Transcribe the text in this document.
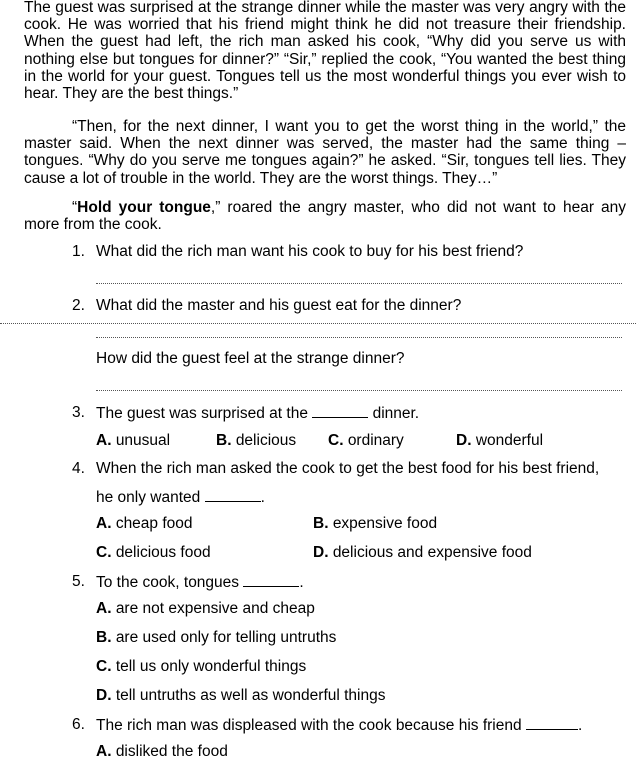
The guest was surprised at the strange dinner while the master was very angry with the cook. He was worried that his friend might think he did not treasure their friendship. When the guest had left, the rich man asked his cook, “Why did you serve us with nothing else but tongues for dinner?” “Sir,” replied the cook, “You wanted the best thing in the world for your guest. Tongues tell us the most wonderful things you ever wish to hear. They are the best things.”

“Then, for the next dinner, I want you to get the worst thing in the world,” the master said. When the next dinner was served, the master had the same thing – tongues. “Why do you serve me tongues again?” he asked. “Sir, tongues tell lies. They cause a lot of trouble in the world. They are the worst things. They…”

“Hold your tongue,” roared the angry master, who did not want to hear any more from the cook.

1. What did the rich man want his cook to buy for his best friend?
2. What did the master and his guest eat for the dinner?
How did the guest feel at the strange dinner?
3. The guest was surprised at the	dinner.
A. unusual	B. delicious C. ordinary	D. wonderful
4. When the rich man asked the cook to get the best food for his best friend,
he only wanted	.
A. cheap food	B. expensive food
C. delicious food	D. delicious and expensive food
5. To the cook, tongues	.
A. are not expensive and cheap
B. are used only for telling untruths
C. tell us only wonderful things
D. tell untruths as well as wonderful things
6. The rich man was displeased with the cook because his friend	.
A. disliked the food
